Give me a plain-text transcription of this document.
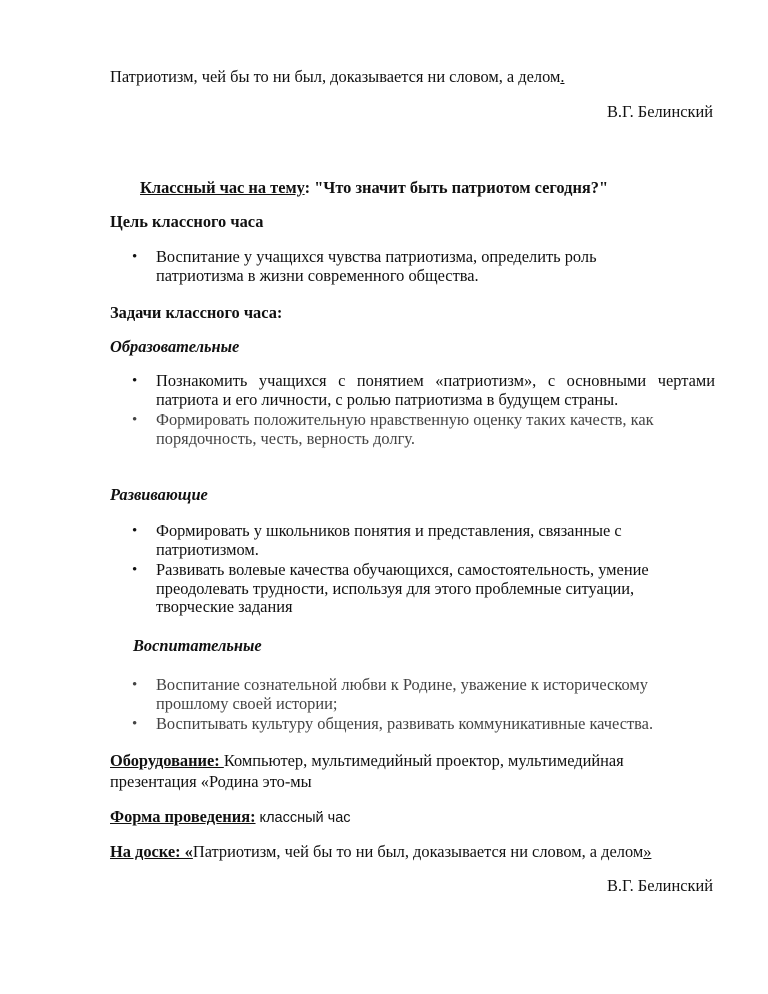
Патриотизм, чей бы то ни был, доказывается ни словом, а делом.
В.Г. Белинский
Классный час на тему: "Что значит быть патриотом сегодня?"
Цель классного часа
• Воспитание у учащихся чувства патриотизма, определить роль патриотизма в жизни современного общества.
Задачи классного часа:
Образовательные
• Познакомить учащихся с понятием «патриотизм», с основными чертами патриота и его личности, с ролью патриотизма в будущем страны.
• Формировать положительную нравственную оценку таких качеств, как порядочность, честь, верность долгу.
Развивающие
• Формировать у школьников понятия и представления, связанные с патриотизмом.
• Развивать волевые качества обучающихся, самостоятельность, умение преодолевать трудности, используя для этого проблемные ситуации, творческие задания
Воспитательные
• Воспитание сознательной любви к Родине, уважение к историческому прошлому своей истории;
• Воспитывать культуру общения, развивать коммуникативные качества.
Оборудование: Компьютер, мультимедийный проектор, мультимедийная презентация «Родина это-мы
Форма проведения: классный час
На доске: «Патриотизм, чей бы то ни был, доказывается ни словом, а делом»
В.Г. Белинский
